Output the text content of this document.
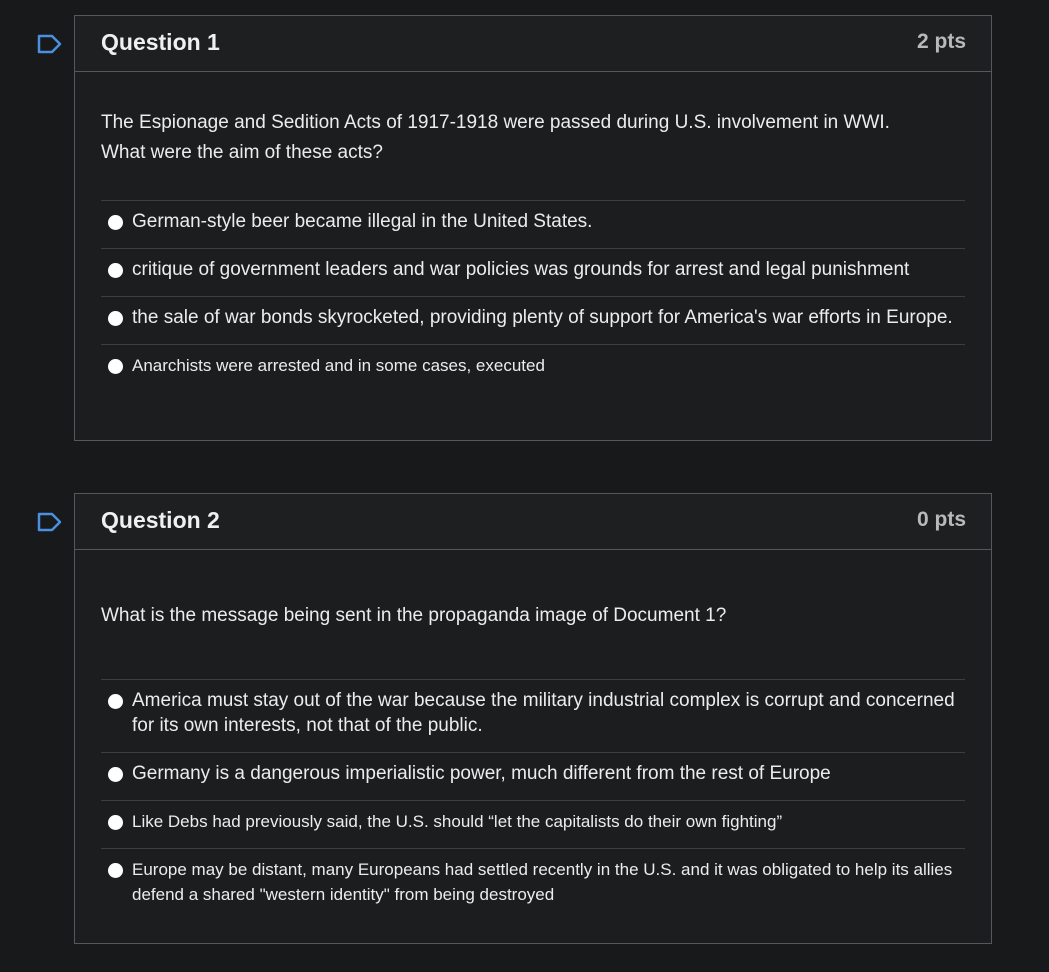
Question 1	2 pts

The Espionage and Sedition Acts of 1917-1918 were passed during U.S. involvement in WWI.
What were the aim of these acts?

German-style beer became illegal in the United States.
critique of government leaders and war policies was grounds for arrest and legal punishment
the sale of war bonds skyrocketed, providing plenty of support for America's war efforts in Europe.
Anarchists were arrested and in some cases, executed
Question 2	0 pts

What is the message being sent in the propaganda image of Document 1?

America must stay out of the war because the military industrial complex is corrupt and concerned for its own interests, not that of the public.
Germany is a dangerous imperialistic power, much different from the rest of Europe
Like Debs had previously said, the U.S. should “let the capitalists do their own fighting”
Europe may be distant, many Europeans had settled recently in the U.S. and it was obligated to help its allies defend a shared "western identity" from being destroyed
